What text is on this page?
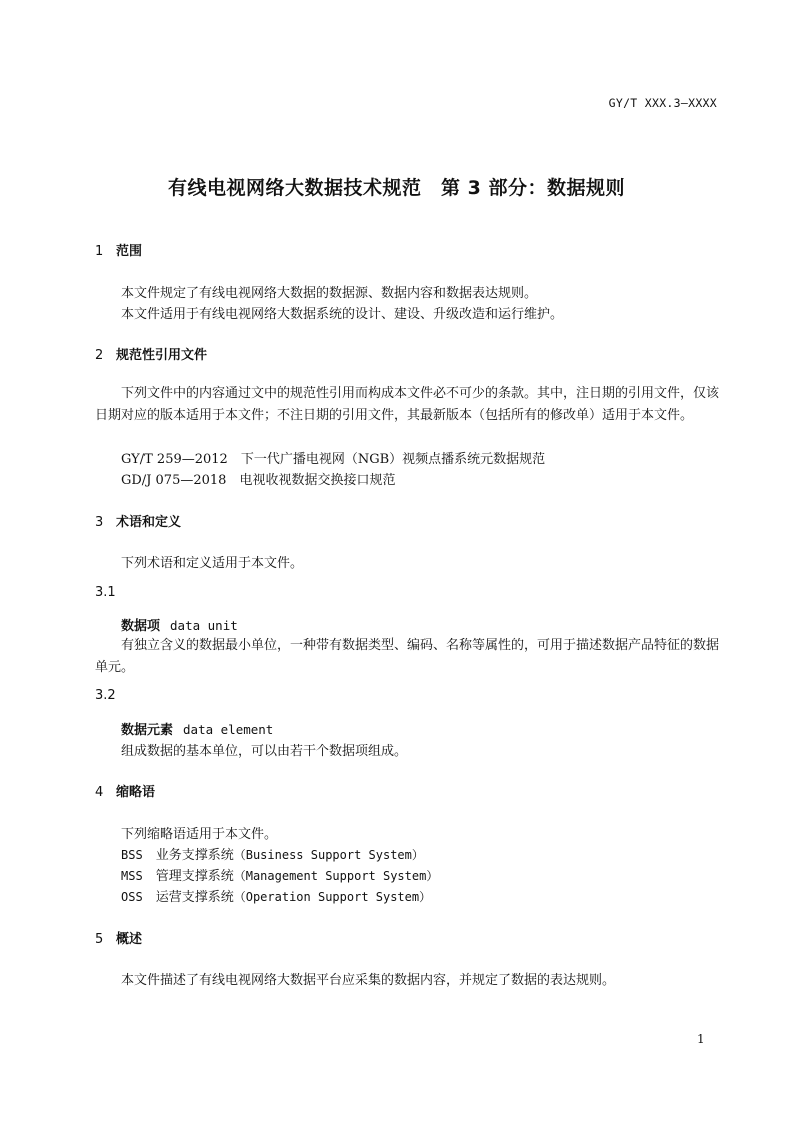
GY/T XXX.3—XXXX
有线电视网络大数据技术规范　第 3 部分：数据规则
1 范围
本文件规定了有线电视网络大数据的数据源、数据内容和数据表达规则。
本文件适用于有线电视网络大数据系统的设计、建设、升级改造和运行维护。
2 规范性引用文件
下列文件中的内容通过文中的规范性引用而构成本文件必不可少的条款。其中，注日期的引用文件，仅该日期对应的版本适用于本文件；不注日期的引用文件，其最新版本（包括所有的修改单）适用于本文件。
GY/T 259—2012　 下一代广播电视网（NGB）视频点播系统元数据规范
GD/J 075—2018　 电视收视数据交换接口规范
3 术语和定义
下列术语和定义适用于本文件。
3.1
数据项 data unit
有独立含义的数据最小单位，一种带有数据类型、编码、名称等属性的，可用于描述数据产品特征的数据单元。
3.2
数据元素 data element
组成数据的基本单位，可以由若干个数据项组成。
4 缩略语
下列缩略语适用于本文件。
BSS　 业务支撑系统（Business Support System）
MSS　 管理支撑系统（Management Support System）
OSS　 运营支撑系统（Operation Support System）
5 概述
本文件描述了有线电视网络大数据平台应采集的数据内容，并规定了数据的表达规则。
1
